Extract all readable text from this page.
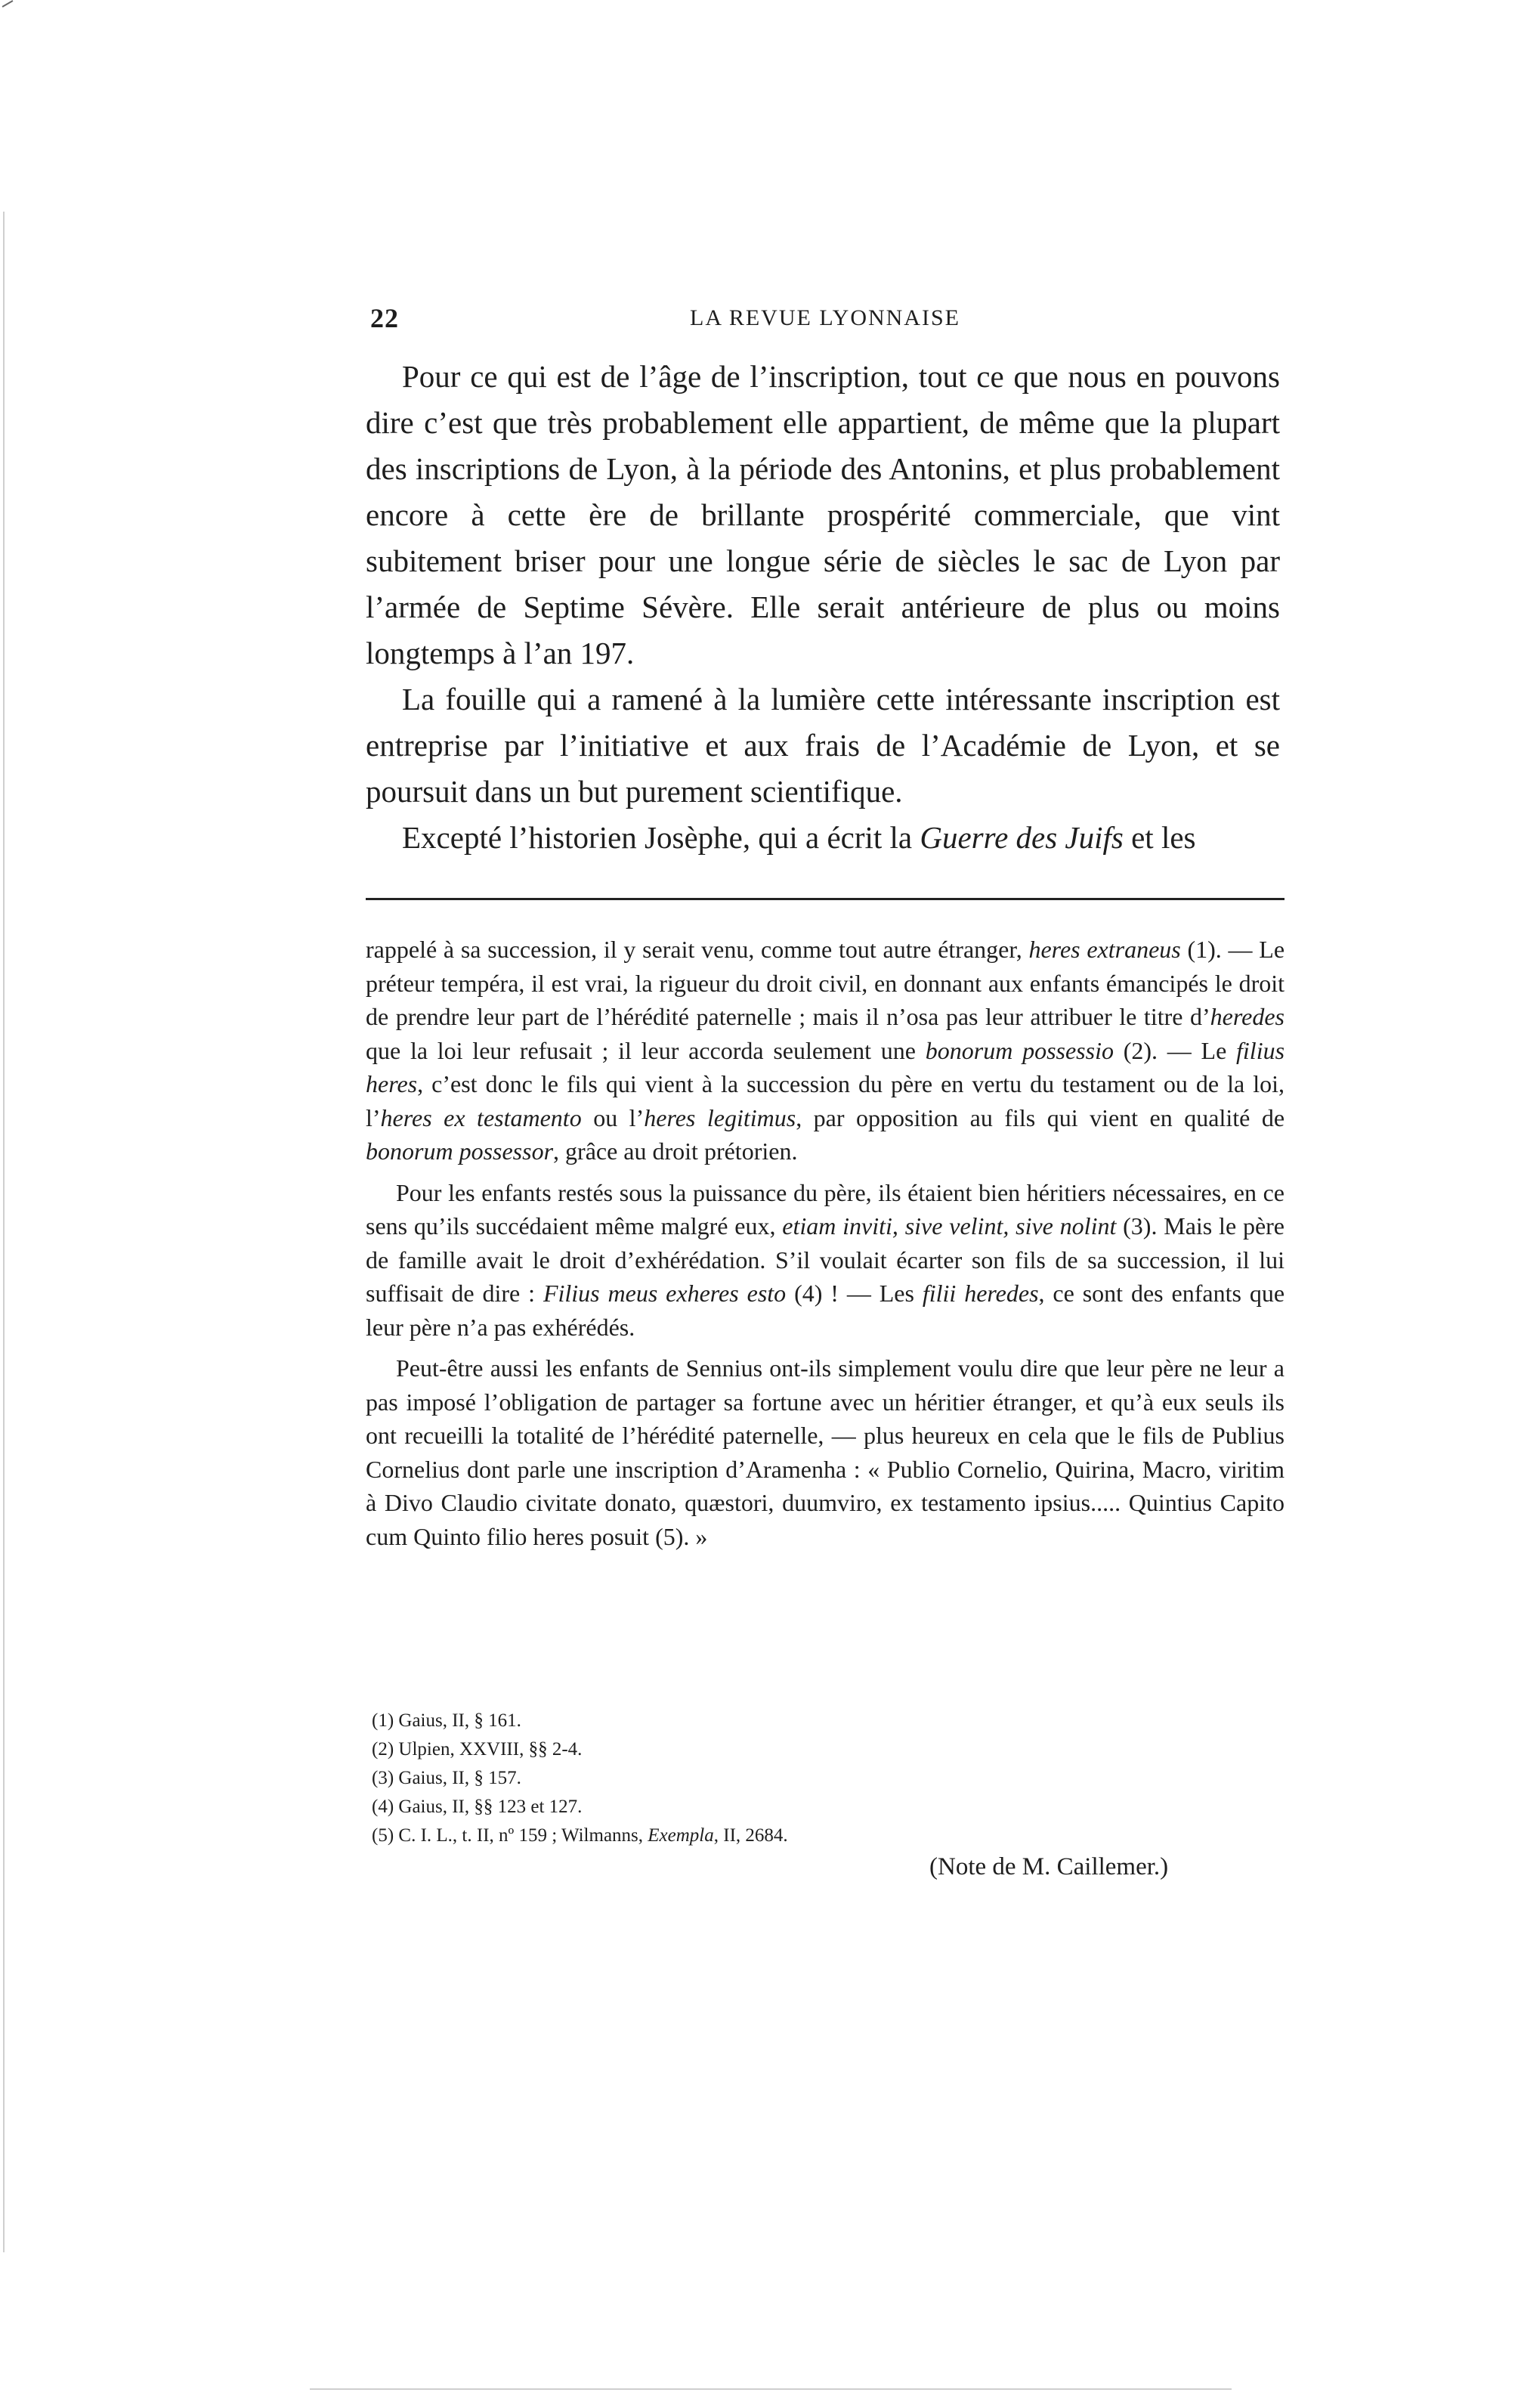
22	LA REVUE LYONNAISE

Pour ce qui est de l’âge de l’inscription, tout ce que nous en pouvons dire c’est que très probablement elle appartient, de même que la plupart des inscriptions de Lyon, à la période des Antonins, et plus probablement encore à cette ère de brillante prospérité commerciale, que vint subitement briser pour une longue série de siècles le sac de Lyon par l’armée de Septime Sévère. Elle serait antérieure de plus ou moins longtemps à l’an 197.

La fouille qui a ramené à la lumière cette intéressante inscription est entreprise par l’initiative et aux frais de l’Académie de Lyon, et se poursuit dans un but purement scientifique.

Excepté l’historien Josèphe, qui a écrit la Guerre des Juifs et les

rappelé à sa succession, il y serait venu, comme tout autre étranger, heres extraneus (1). — Le préteur tempéra, il est vrai, la rigueur du droit civil, en donnant aux enfants émancipés le droit de prendre leur part de l’hérédité paternelle ; mais il n’osa pas leur attribuer le titre d’heredes que la loi leur refusait ; il leur accorda seulement une bonorum possessio (2). — Le filius heres, c’est donc le fils qui vient à la succession du père en vertu du testament ou de la loi, l’heres ex testamento ou l’heres legitimus, par opposition au fils qui vient en qualité de bonorum possessor, grâce au droit prétorien.

Pour les enfants restés sous la puissance du père, ils étaient bien héritiers nécessaires, en ce sens qu’ils succédaient même malgré eux, etiam inviti, sive velint, sive nolint (3). Mais le père de famille avait le droit d’exhérédation. S’il voulait écarter son fils de sa succession, il lui suffisait de dire : Filius meus exheres esto (4) ! — Les filii heredes, ce sont des enfants que leur père n’a pas exhérédés.

Peut-être aussi les enfants de Sennius ont-ils simplement voulu dire que leur père ne leur a pas imposé l’obligation de partager sa fortune avec un héritier étranger, et qu’à eux seuls ils ont recueilli la totalité de l’hérédité paternelle, — plus heureux en cela que le fils de Publius Cornelius dont parle une inscription d’Aramenha : « Publio Cornelio, Quirina, Macro, viritim à Divo Claudio civitate donato, quæstori, duumviro, ex testamento ipsius..... Quintius Capito cum Quinto filio heres posuit (5). »

(1) Gaius, II, § 161.
(2) Ulpien, XXVIII, §§ 2-4.
(3) Gaius, II, § 157.
(4) Gaius, II, §§ 123 et 127.
(5) C. I. L., t. II, nº 159 ; Wilmanns, Exempla, II, 2684.
(Note de M. Caillemer.)
